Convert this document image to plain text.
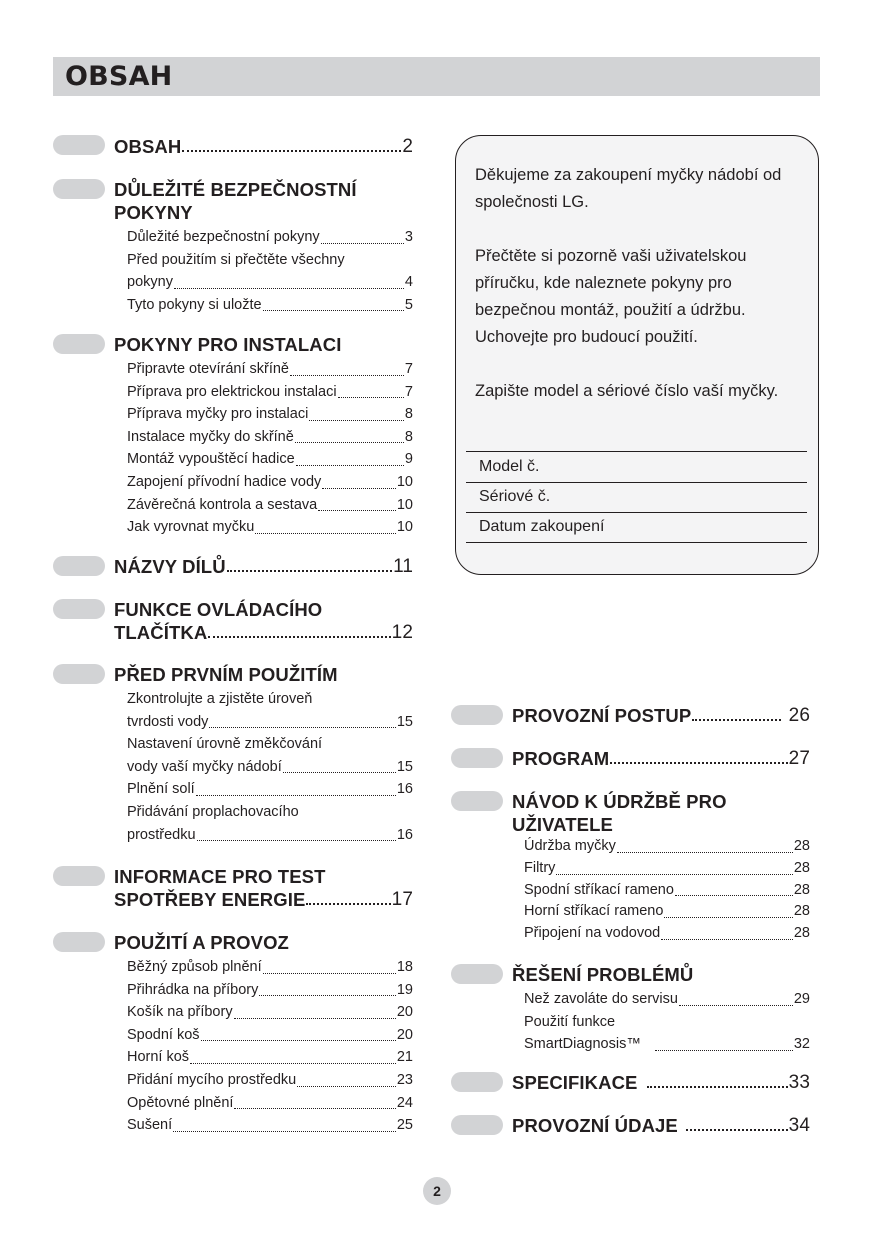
OBSAH
OBSAH	2
DŮLEŽITÉ BEZPEČNOSTNÍ
POKYNY
Důležité bezpečnostní pokyny	3
Před použitím si přečtěte všechny
pokyny	4
Tyto pokyny si uložte	5
POKYNY PRO INSTALACI
Připravte otevírání skříně	7
Příprava pro elektrickou instalaci	7
Příprava myčky pro instalaci	8
Instalace myčky do skříně	8
Montáž vypouštěcí hadice	9
Zapojení přívodní hadice vody	10
Závěrečná kontrola a sestava	10
Jak vyrovnat myčku	10
NÁZVY DÍLŮ	11
FUNKCE OVLÁDACÍHO
TLAČÍTKA	12
PŘED PRVNÍM POUŽITÍM
Zkontrolujte a zjistěte úroveň
tvrdosti vody	15
Nastavení úrovně změkčování
vody vaší myčky nádobí	15
Plnění solí	16
Přidávání proplachovacího
prostředku	16
INFORMACE PRO TEST
SPOTŘEBY ENERGIE	17
POUŽITÍ A PROVOZ
Běžný způsob plnění	18
Přihrádka na příbory	19
Košík na příbory	20
Spodní koš	20
Horní koš	21
Přidání mycího prostředku	23
Opětovné plnění	24
Sušení	25

Děkujeme za zakoupení myčky nádobí od společnosti LG.

Přečtěte si pozorně vaši uživatelskou příručku, kde naleznete pokyny pro bezpečnou montáž, použití a údržbu. Uchovejte pro budoucí použití.

Zapište model a sériové číslo vaší myčky.

Model č.
Sériové č.
Datum zakoupení
PROVOZNÍ POSTUP	26
PROGRAM	27
NÁVOD K ÚDRŽBĚ PRO
UŽIVATELE
Údržba myčky	28
Filtry	28
Spodní stříkací rameno	28
Horní stříkací rameno	28
Připojení na vodovod	28
ŘEŠENÍ PROBLÉMŮ
Než zavoláte do servisu	29
Použití funkce
SmartDiagnosis™	32
SPECIFIKACE	33
PROVOZNÍ ÚDAJE	34
2
